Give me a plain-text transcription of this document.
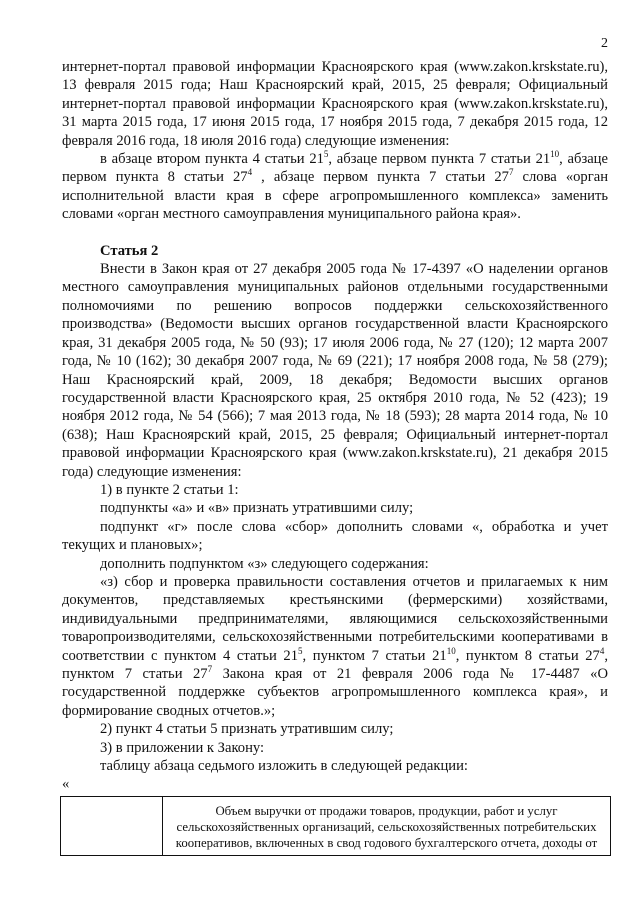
2

интернет-портал правовой информации Красноярского края (www.zakon.krskstate.ru), 13 февраля 2015 года; Наш Красноярский край, 2015, 25 февраля; Официальный интернет-портал правовой информации Красноярского края (www.zakon.krskstate.ru), 31 марта 2015 года, 17 июня 2015 года, 17 ноября 2015 года, 7 декабря 2015 года, 12 февраля 2016 года, 18 июля 2016 года) следующие изменения:

в абзаце втором пункта 4 статьи $21^5$, абзаце первом пункта 7 статьи $21^{10}$, абзаце первом пункта 8 статьи $27^4$ , абзаце первом пункта 7 статьи $27^7$ слова «орган исполнительной власти края в сфере агропромышленного комплекса» заменить словами «орган местного самоуправления муниципального района края».

Статья 2

Внести в Закон края от 27 декабря 2005 года № 17-4397 «О наделении органов местного самоуправления муниципальных районов отдельными государственными полномочиями по решению вопросов поддержки сельскохозяйственного производства» (Ведомости высших органов государственной власти Красноярского края, 31 декабря 2005 года, № 50 (93); 17 июля 2006 года, № 27 (120); 12 марта 2007 года, № 10 (162); 30 декабря 2007 года, № 69 (221); 17 ноября 2008 года, № 58 (279); Наш Красноярский край, 2009, 18 декабря; Ведомости высших органов государственной власти Красноярского края, 25 октября 2010 года, № 52 (423); 19 ноября 2012 года, № 54 (566); 7 мая 2013 года, № 18 (593); 28 марта 2014 года, № 10 (638); Наш Красноярский край, 2015, 25 февраля; Официальный интернет-портал правовой информации Красноярского края (www.zakon.krskstate.ru), 21 декабря 2015 года) следующие изменения:

1) в пункте 2 статьи 1:

подпункты «а» и «в» признать утратившими силу;

подпункт «г» после слова «сбор» дополнить словами «, обработка и учет текущих и плановых»;

дополнить подпунктом «з» следующего содержания:

«з) сбор и проверка правильности составления отчетов и прилагаемых к ним документов, представляемых крестьянскими (фермерскими) хозяйствами, индивидуальными предпринимателями, являющимися сельскохозяйственными товаропроизводителями, сельскохозяйственными потребительскими кооперативами в соответствии с пунктом 4 статьи $21^5$, пунктом 7 статьи $21^{10}$, пунктом 8 статьи $27^4$, пунктом 7 статьи $27^7$ Закона края от 21 февраля 2006 года № 17-4487 «О государственной поддержке субъектов агропромышленного комплекса края», и формирование сводных отчетов.»;

2) пункт 4 статьи 5 признать утратившим силу;

3) в приложении к Закону:

таблицу абзаца седьмого изложить в следующей редакции:

«

	Объем выручки от продажи товаров, продукции, работ и услуг сельскохозяйственных организаций, сельскохозяйственных потребительских кооперативов, включенных в свод годового бухгалтерского отчета, доходы от
